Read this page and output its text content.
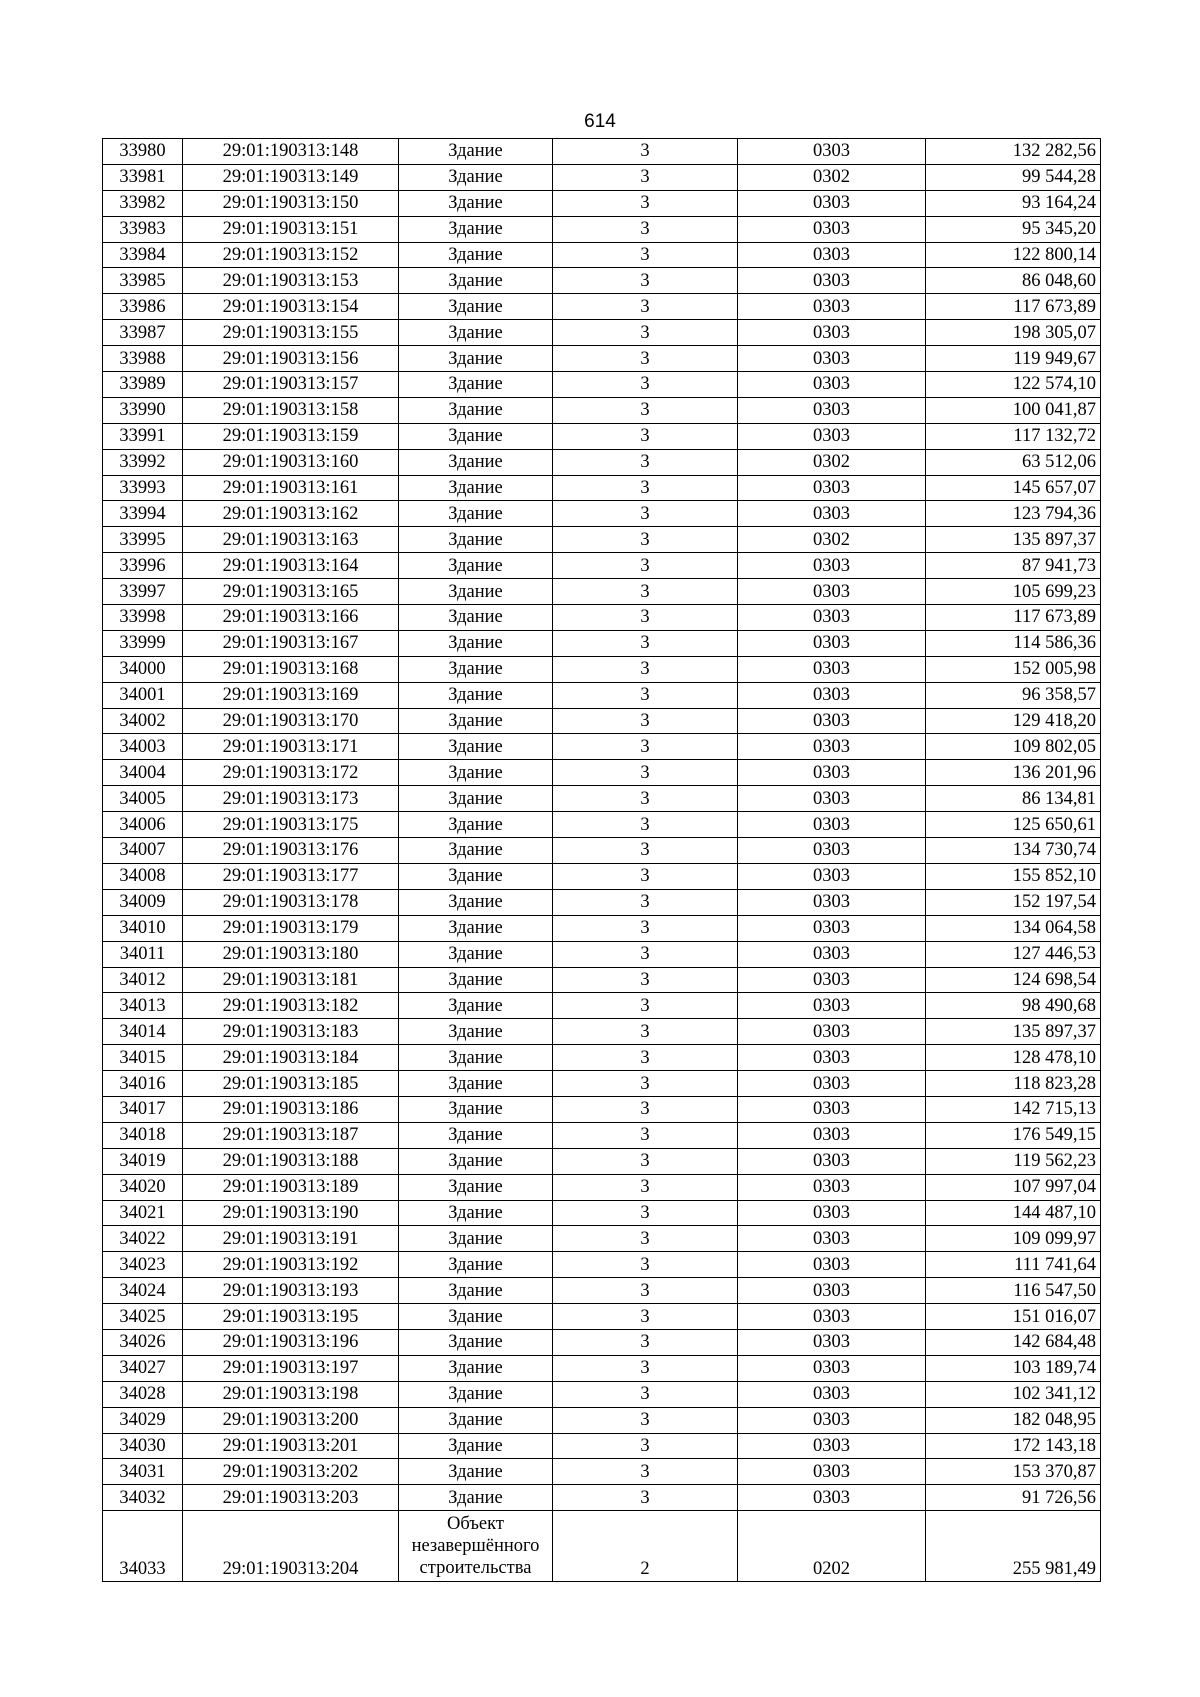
614
33980	29:01:190313:148	Здание	3	0303	132 282,56
33981	29:01:190313:149	Здание	3	0302	99 544,28
33982	29:01:190313:150	Здание	3	0303	93 164,24
33983	29:01:190313:151	Здание	3	0303	95 345,20
33984	29:01:190313:152	Здание	3	0303	122 800,14
33985	29:01:190313:153	Здание	3	0303	86 048,60
33986	29:01:190313:154	Здание	3	0303	117 673,89
33987	29:01:190313:155	Здание	3	0303	198 305,07
33988	29:01:190313:156	Здание	3	0303	119 949,67
33989	29:01:190313:157	Здание	3	0303	122 574,10
33990	29:01:190313:158	Здание	3	0303	100 041,87
33991	29:01:190313:159	Здание	3	0303	117 132,72
33992	29:01:190313:160	Здание	3	0302	63 512,06
33993	29:01:190313:161	Здание	3	0303	145 657,07
33994	29:01:190313:162	Здание	3	0303	123 794,36
33995	29:01:190313:163	Здание	3	0302	135 897,37
33996	29:01:190313:164	Здание	3	0303	87 941,73
33997	29:01:190313:165	Здание	3	0303	105 699,23
33998	29:01:190313:166	Здание	3	0303	117 673,89
33999	29:01:190313:167	Здание	3	0303	114 586,36
34000	29:01:190313:168	Здание	3	0303	152 005,98
34001	29:01:190313:169	Здание	3	0303	96 358,57
34002	29:01:190313:170	Здание	3	0303	129 418,20
34003	29:01:190313:171	Здание	3	0303	109 802,05
34004	29:01:190313:172	Здание	3	0303	136 201,96
34005	29:01:190313:173	Здание	3	0303	86 134,81
34006	29:01:190313:175	Здание	3	0303	125 650,61
34007	29:01:190313:176	Здание	3	0303	134 730,74
34008	29:01:190313:177	Здание	3	0303	155 852,10
34009	29:01:190313:178	Здание	3	0303	152 197,54
34010	29:01:190313:179	Здание	3	0303	134 064,58
34011	29:01:190313:180	Здание	3	0303	127 446,53
34012	29:01:190313:181	Здание	3	0303	124 698,54
34013	29:01:190313:182	Здание	3	0303	98 490,68
34014	29:01:190313:183	Здание	3	0303	135 897,37
34015	29:01:190313:184	Здание	3	0303	128 478,10
34016	29:01:190313:185	Здание	3	0303	118 823,28
34017	29:01:190313:186	Здание	3	0303	142 715,13
34018	29:01:190313:187	Здание	3	0303	176 549,15
34019	29:01:190313:188	Здание	3	0303	119 562,23
34020	29:01:190313:189	Здание	3	0303	107 997,04
34021	29:01:190313:190	Здание	3	0303	144 487,10
34022	29:01:190313:191	Здание	3	0303	109 099,97
34023	29:01:190313:192	Здание	3	0303	111 741,64
34024	29:01:190313:193	Здание	3	0303	116 547,50
34025	29:01:190313:195	Здание	3	0303	151 016,07
34026	29:01:190313:196	Здание	3	0303	142 684,48
34027	29:01:190313:197	Здание	3	0303	103 189,74
34028	29:01:190313:198	Здание	3	0303	102 341,12
34029	29:01:190313:200	Здание	3	0303	182 048,95
34030	29:01:190313:201	Здание	3	0303	172 143,18
34031	29:01:190313:202	Здание	3	0303	153 370,87
34032	29:01:190313:203	Здание	3	0303	91 726,56
34033	29:01:190313:204	Объект
незавершённого
строительства	2	0202	255 981,49
